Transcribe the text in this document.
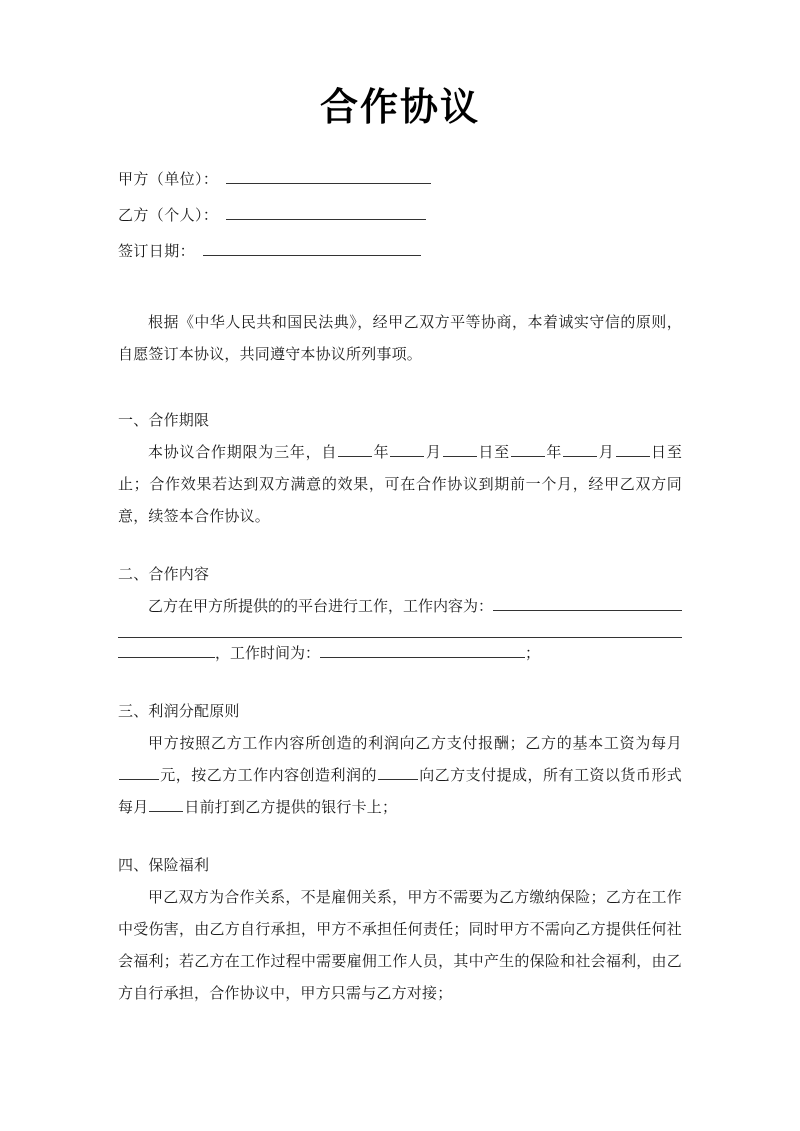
合作协议
甲方（单位）：
乙方（个人）：
签订日期：

根据《中华人民共和国民法典》，经甲乙双方平等协商，本着诚实守信的原则，自愿签订本协议，共同遵守本协议所列事项。

一、合作期限

本协议合作期限为三年，自 年 月 日至 年 月 日至止；合作效果若达到双方满意的效果，可在合作协议到期前一个月，经甲乙双方同意，续签本合作协议。

二、合作内容

乙方在甲方所提供的的平台进行工作，工作内容为：
，工作时间为：	；

三、利润分配原则

甲方按照乙方工作内容所创造的利润向乙方支付报酬；乙方的基本工资为每月元，按乙方工作内容创造利润的	向乙方支付提成，所有工资以货币形式每月 日前打到乙方提供的银行卡上；

四、保险福利

甲乙双方为合作关系，不是雇佣关系，甲方不需要为乙方缴纳保险；乙方在工作中受伤害，由乙方自行承担，甲方不承担任何责任；同时甲方不需向乙方提供任何社会福利；若乙方在工作过程中需要雇佣工作人员，其中产生的保险和社会福利，由乙方自行承担，合作协议中，甲方只需与乙方对接；
